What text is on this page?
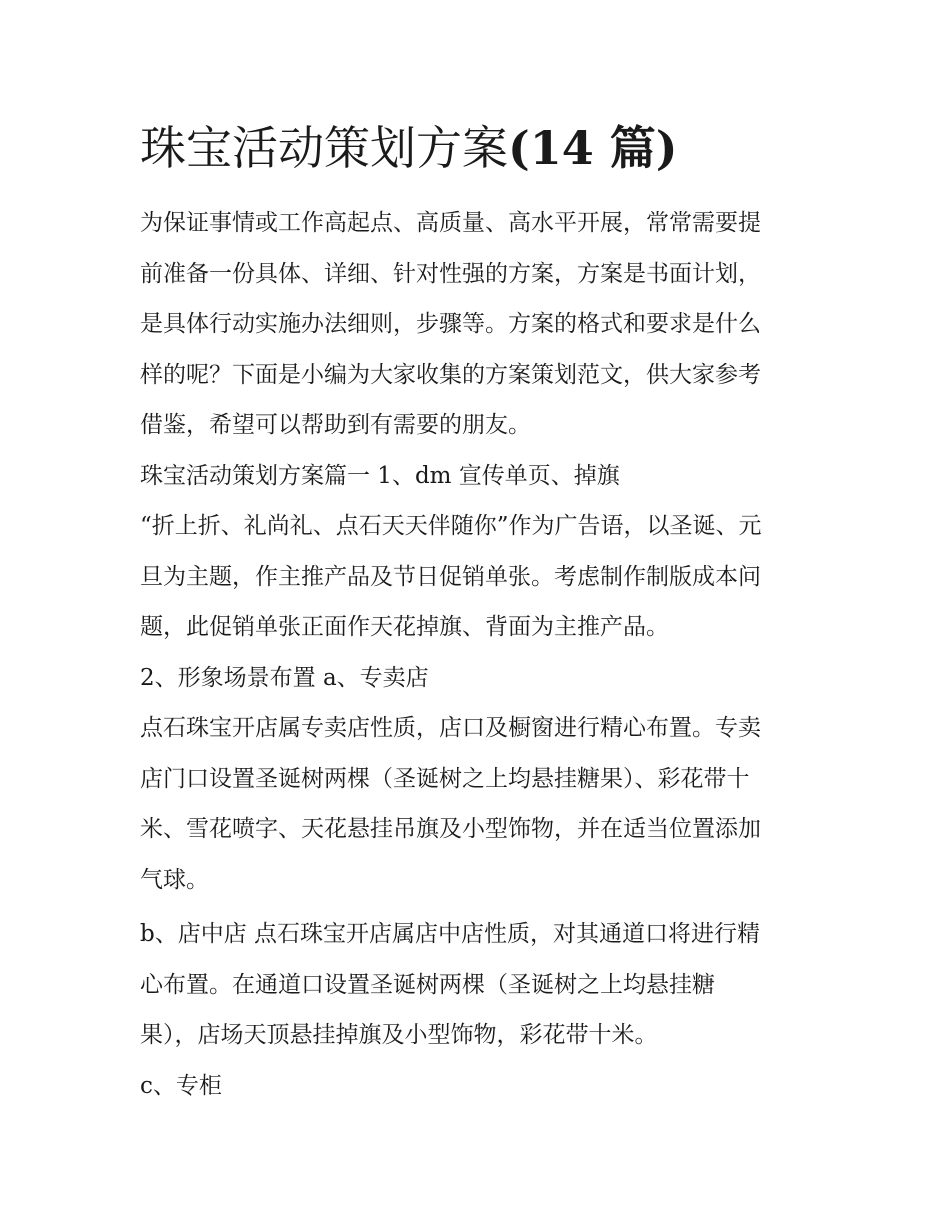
珠宝活动策划方案(14 篇)

为保证事情或工作高起点、高质量、高水平开展，常常需要提
前准备一份具体、详细、针对性强的方案，方案是书面计划，
是具体行动实施办法细则，步骤等。方案的格式和要求是什么
样的呢？下面是小编为大家收集的方案策划范文，供大家参考
借鉴，希望可以帮助到有需要的朋友。

珠宝活动策划方案篇一 1、dm 宣传单页、掉旗

“折上折、礼尚礼、点石天天伴随你”作为广告语，以圣诞、元
旦为主题，作主推产品及节日促销单张。考虑制作制版成本问
题，此促销单张正面作天花掉旗、背面为主推产品。

2、形象场景布置 a、专卖店

点石珠宝开店属专卖店性质，店口及橱窗进行精心布置。专卖
店门口设置圣诞树两棵（圣诞树之上均悬挂糖果）、彩花带十
米、雪花喷字、天花悬挂吊旗及小型饰物，并在适当位置添加
气球。

b、店中店 点石珠宝开店属店中店性质，对其通道口将进行精
心布置。在通道口设置圣诞树两棵（圣诞树之上均悬挂糖
果），店场天顶悬挂掉旗及小型饰物，彩花带十米。

c、专柜
